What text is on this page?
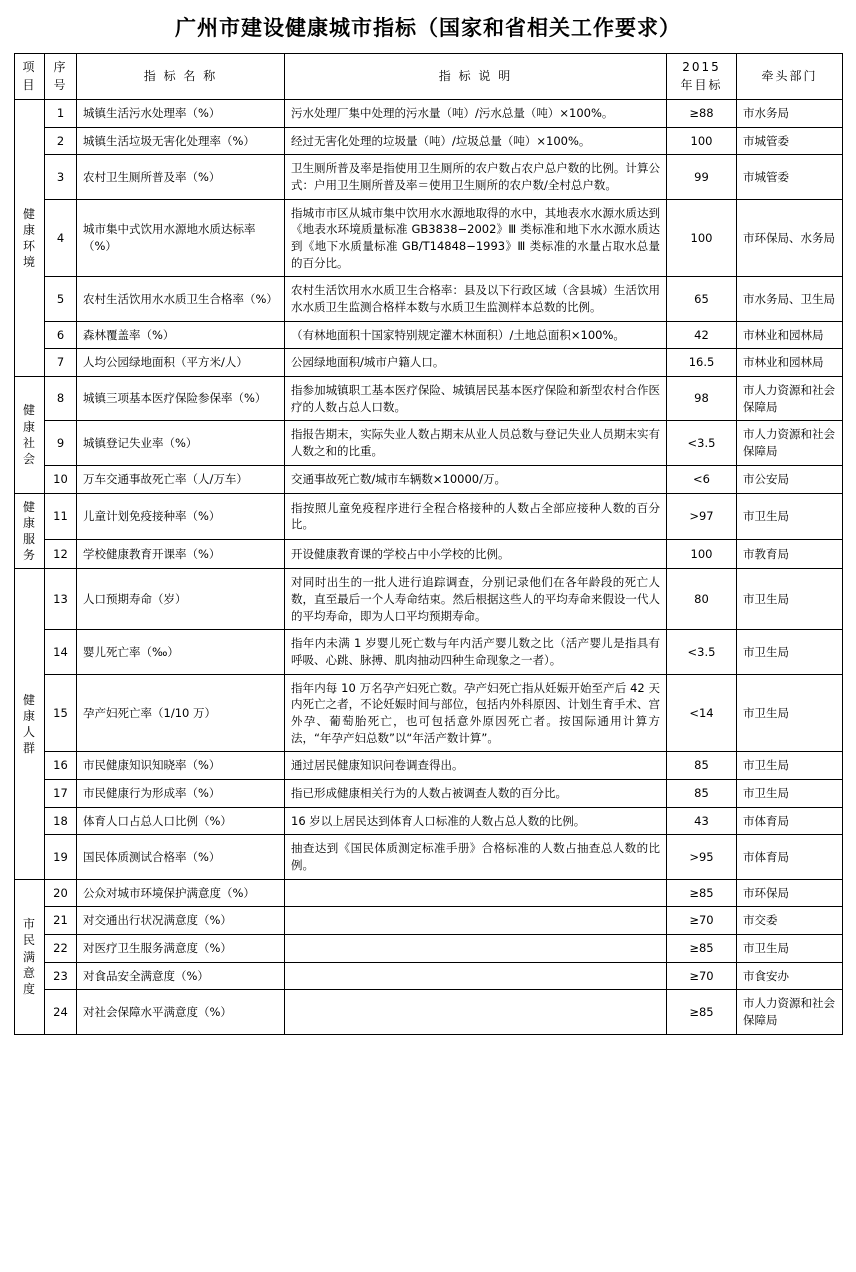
广州市建设健康城市指标（国家和省相关工作要求）
项目	序号	指 标 名 称	指 标 说 明	2015 年目标	牵头部门

健康环境	1	城镇生活污水处理率（%）	污水处理厂集中处理的污水量（吨）/污水总量（吨）×100%。	≥88	市水务局
	2	城镇生活垃圾无害化处理率（%）	经过无害化处理的垃圾量（吨）/垃圾总量（吨）×100%。	100	市城管委
	3	农村卫生厕所普及率（%）	卫生厕所普及率是指使用卫生厕所的农户数占农户总户数的比例。计算公式：户用卫生厕所普及率＝使用卫生厕所的农户数/全村总户数。	99	市城管委
	4	城市集中式饮用水源地水质达标率（%）	指城市市区从城市集中饮用水水源地取得的水中，其地表水水源水质达到《地表水环境质量标准 GB3838−2002》Ⅲ 类标准和地下水水源水质达到《地下水质量标准 GB/T14848−1993》Ⅲ 类标准的水量占取水总量的百分比。	100	市环保局、水务局
	5	农村生活饮用水水质卫生合格率（%）	农村生活饮用水水质卫生合格率：县及以下行政区域（含县城）生活饮用水水质卫生监测合格样本数与水质卫生监测样本总数的比例。	65	市水务局、卫生局
	6	森林覆盖率（%）	（有林地面积十国家特别规定灌木林面积）/土地总面积×100%。	42	市林业和园林局
	7	人均公园绿地面积（平方米/人）	公园绿地面积/城市户籍人口。	16.5	市林业和园林局

健康社会	8	城镇三项基本医疗保险参保率（%）	指参加城镇职工基本医疗保险、城镇居民基本医疗保险和新型农村合作医疗的人数占总人口数。	98	市人力资源和社会保障局
	9	城镇登记失业率（%）	指报告期末，实际失业人数占期末从业人员总数与登记失业人员期末实有人数之和的比重。	<3.5	市人力资源和社会保障局
	10	万车交通事故死亡率（人/万车）	交通事故死亡数/城市车辆数×10000/万。	<6	市公安局

健康服务	11	儿童计划免疫接种率（%）	指按照儿童免疫程序进行全程合格接种的人数占全部应接种人数的百分比。	>97	市卫生局
	12	学校健康教育开课率（%）	开设健康教育课的学校占中小学校的比例。	100	市教育局

健康人群	13	人口预期寿命（岁）	对同时出生的一批人进行追踪调查，分别记录他们在各年龄段的死亡人数，直至最后一个人寿命结束。然后根据这些人的平均寿命来假设一代人的平均寿命，即为人口平均预期寿命。	80	市卫生局
	14	婴儿死亡率（‰）	指年内未满 1 岁婴儿死亡数与年内活产婴儿数之比（活产婴儿是指具有呼吸、心跳、脉搏、肌肉抽动四种生命现象之一者）。	<3.5	市卫生局
	15	孕产妇死亡率（1/10 万）	指年内每 10 万名孕产妇死亡数。孕产妇死亡指从妊娠开始至产后 42 天内死亡之者，不论妊娠时间与部位，包括内外科原因、计划生育手术、宫外孕、葡萄胎死亡，也可包括意外原因死亡者。按国际通用计算方法，“年孕产妇总数”以“年活产数计算”。	<14	市卫生局
	16	市民健康知识知晓率（%）	通过居民健康知识问卷调查得出。	85	市卫生局
	17	市民健康行为形成率（%）	指已形成健康相关行为的人数占被调查人数的百分比。	85	市卫生局
	18	体育人口占总人口比例（%）	16 岁以上居民达到体育人口标准的人数占总人数的比例。	43	市体育局
	19	国民体质测试合格率（%）	抽查达到《国民体质测定标准手册》合格标准的人数占抽查总人数的比例。	>95	市体育局

市民满意度	20	公众对城市环境保护满意度（%）		≥85	市环保局
	21	对交通出行状况满意度（%）		≥70	市交委
	22	对医疗卫生服务满意度（%）		≥85	市卫生局
	23	对食品安全满意度（%）		≥70	市食安办
	24	对社会保障水平满意度（%）		≥85	市人力资源和社会保障局
